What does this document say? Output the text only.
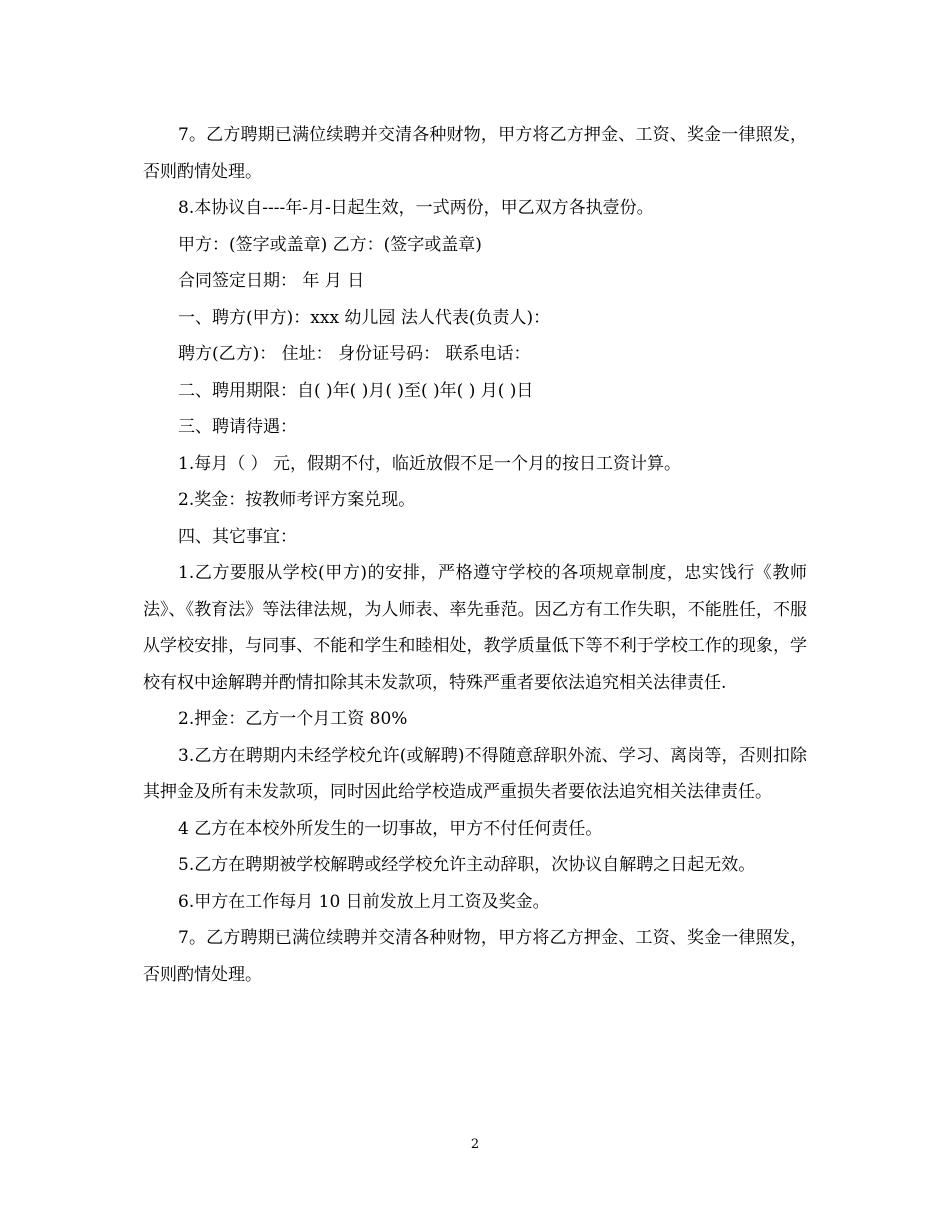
7。乙方聘期已满位续聘并交清各种财物，甲方将乙方押金、工资、奖金一律照发，否则酌情处理。

8.本协议自----年-月-日起生效，一式两份，甲乙双方各执壹份。

甲方：(签字或盖章) 乙方：(签字或盖章)

合同签定日期： 年 月 日

一、聘方(甲方)：xxx 幼儿园 法人代表(负责人)：

聘方(乙方)： 住址： 身份证号码： 联系电话：

二、聘用期限：自( )年( )月( )至( )年( ) 月( )日

三、聘请待遇：

1.每月（ ） 元，假期不付，临近放假不足一个月的按日工资计算。

2.奖金：按教师考评方案兑现。

四、其它事宜：

1.乙方要服从学校(甲方)的安排，严格遵守学校的各项规章制度，忠实饯行《教师法》、《教育法》等法律法规，为人师表、率先垂范。因乙方有工作失职，不能胜任，不服从学校安排，与同事、不能和学生和睦相处，教学质量低下等不利于学校工作的现象，学校有权中途解聘并酌情扣除其未发款项，特殊严重者要依法追究相关法律责任.

2.押金：乙方一个月工资 80%

3.乙方在聘期内未经学校允许(或解聘)不得随意辞职外流、学习、离岗等，否则扣除其押金及所有未发款项，同时因此给学校造成严重损失者要依法追究相关法律责任。

4 乙方在本校外所发生的一切事故，甲方不付任何责任。

5.乙方在聘期被学校解聘或经学校允许主动辞职，次协议自解聘之日起无效。

6.甲方在工作每月 10 日前发放上月工资及奖金。

7。乙方聘期已满位续聘并交清各种财物，甲方将乙方押金、工资、奖金一律照发，否则酌情处理。

2
